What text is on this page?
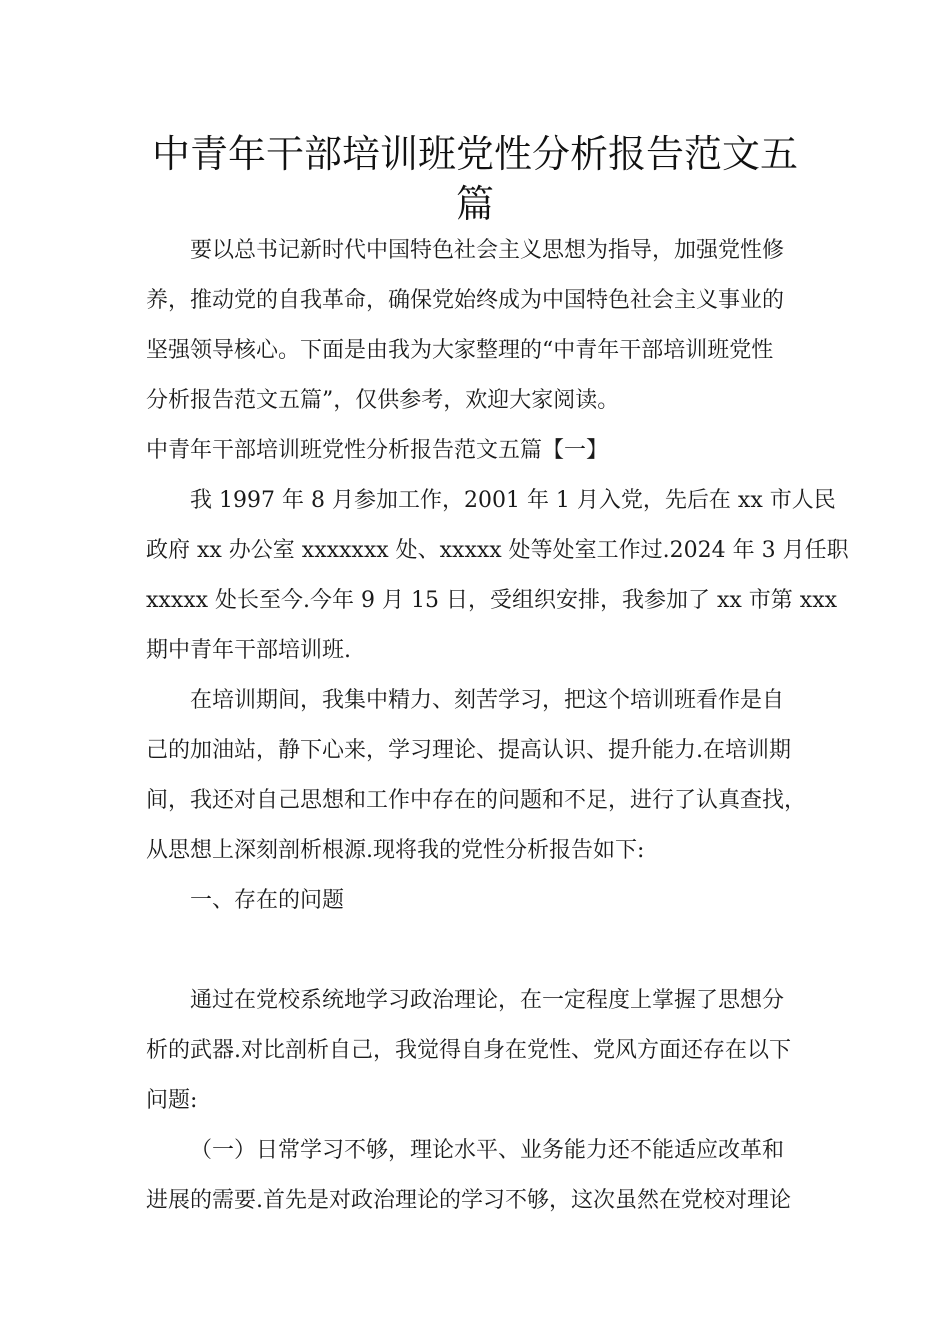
中青年干部培训班党性分析报告范文五
篇
要以总书记新时代中国特色社会主义思想为指导，加强党性修
养，推动党的自我革命，确保党始终成为中国特色社会主义事业的
坚强领导核心。下面是由我为大家整理的“中青年干部培训班党性
分析报告范文五篇”，仅供参考，欢迎大家阅读。
中青年干部培训班党性分析报告范文五篇【一】
我 1997 年 8 月参加工作，2001 年 1 月入党，先后在 xx 市人民
政府 xx 办公室 xxxxxxx 处、xxxxx 处等处室工作过.2024 年 3 月任职
xxxxx 处长至今.今年 9 月 15 日，受组织安排，我参加了 xx 市第 xxx
期中青年干部培训班.
在培训期间，我集中精力、刻苦学习，把这个培训班看作是自
己的加油站，静下心来，学习理论、提高认识、提升能力.在培训期
间，我还对自己思想和工作中存在的问题和不足，进行了认真查找，
从思想上深刻剖析根源.现将我的党性分析报告如下:
一、存在的问题
通过在党校系统地学习政治理论，在一定程度上掌握了思想分
析的武器.对比剖析自己，我觉得自身在党性、党风方面还存在以下
问题:
（一）日常学习不够，理论水平、业务能力还不能适应改革和
进展的需要.首先是对政治理论的学习不够，这次虽然在党校对理论
